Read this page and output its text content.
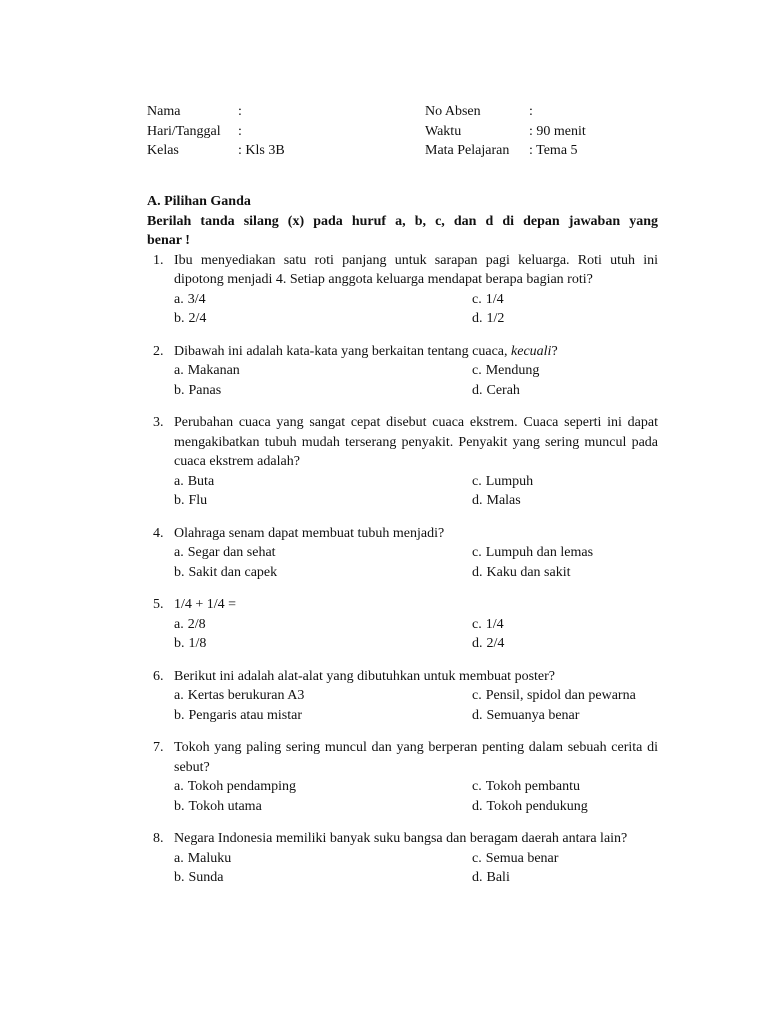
Nama	:	No Absen	:
Hari/Tanggal :	Waktu	: 90 menit
Kelas	: Kls 3B	Mata Pelajaran : Tema 5
A. Pilihan Ganda
Berilah tanda silang (x) pada huruf a, b, c, dan d di depan jawaban yang
benar !
1. Ibu menyediakan satu roti panjang untuk sarapan pagi keluarga. Roti utuh ini dipotong menjadi 4. Setiap anggota keluarga mendapat berapa bagian roti?
a. 3/4	c. 1/4
b. 2/4	d. 1/2
2. Dibawah ini adalah kata-kata yang berkaitan tentang cuaca, kecuali?
a. Makanan	c. Mendung
b. Panas	d. Cerah
3. Perubahan cuaca yang sangat cepat disebut cuaca ekstrem. Cuaca seperti ini dapat mengakibatkan tubuh mudah terserang penyakit. Penyakit yang sering muncul pada cuaca ekstrem adalah?
a. Buta	c. Lumpuh
b. Flu	d. Malas
4. Olahraga senam dapat membuat tubuh menjadi?
a. Segar dan sehat	c. Lumpuh dan lemas
b. Sakit dan capek	d. Kaku dan sakit
5. 1/4 + 1/4 =
a. 2/8	c. 1/4
b. 1/8	d. 2/4
6. Berikut ini adalah alat-alat yang dibutuhkan untuk membuat poster?
a. Kertas berukuran A3	c. Pensil, spidol dan pewarna
b. Pengaris atau mistar	d. Semuanya benar
7. Tokoh yang paling sering muncul dan yang berperan penting dalam sebuah cerita di sebut?
a. Tokoh pendamping	c. Tokoh pembantu
b. Tokoh utama	d. Tokoh pendukung
8. Negara Indonesia memiliki banyak suku bangsa dan beragam daerah antara lain?
a. Maluku	c. Semua benar
b. Sunda	d. Bali
